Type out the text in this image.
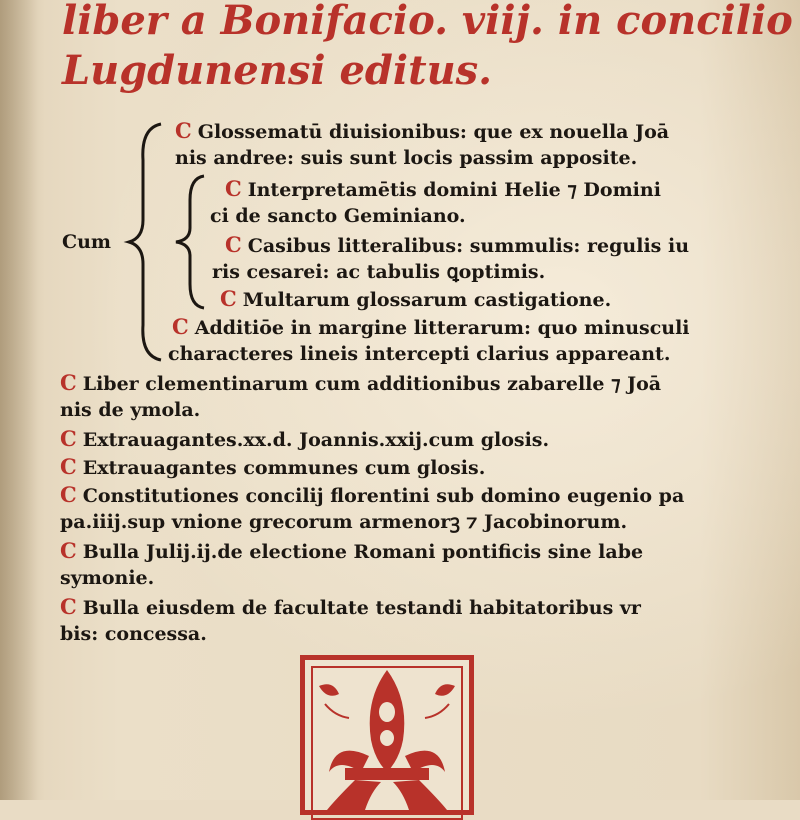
liber a Bonifacio. viij. in concilio
Lugdunensi editus.
Cum
C Glossematū diuisionibus: que ex nouella Joā
nis andree: suis sunt locis passim apposite.
C Interpretamētis domini Helie ⁊ Domini
ci de sancto Geminiano.
C Casibus litteralibus: summulis: regulis iu
ris cesarei: ac tabulis ꝗoptimis.
C Multarum glossarum castigatione.
C Additiōe in margine litterarum: quo minusculi
characteres lineis intercepti clarius appareant.
C Liber clementinarum cum additionibus zabarelle ⁊ Joā
nis de ymola.
C Extrauagantes.xx.d. Joannis.xxij.cum glosis.
C Extrauagantes communes cum glosis.
C Constitutiones concilij florentini sub domino eugenio pa
pa.iiij.sup vnione grecorum armenorꝫ ⁊ Jacobinorum.
C Bulla Julij.ij.de electione Romani pontificis sine labe
symonie.
C Bulla eiusdem de facultate testandi habitatoribus vr
bis: concessa.
